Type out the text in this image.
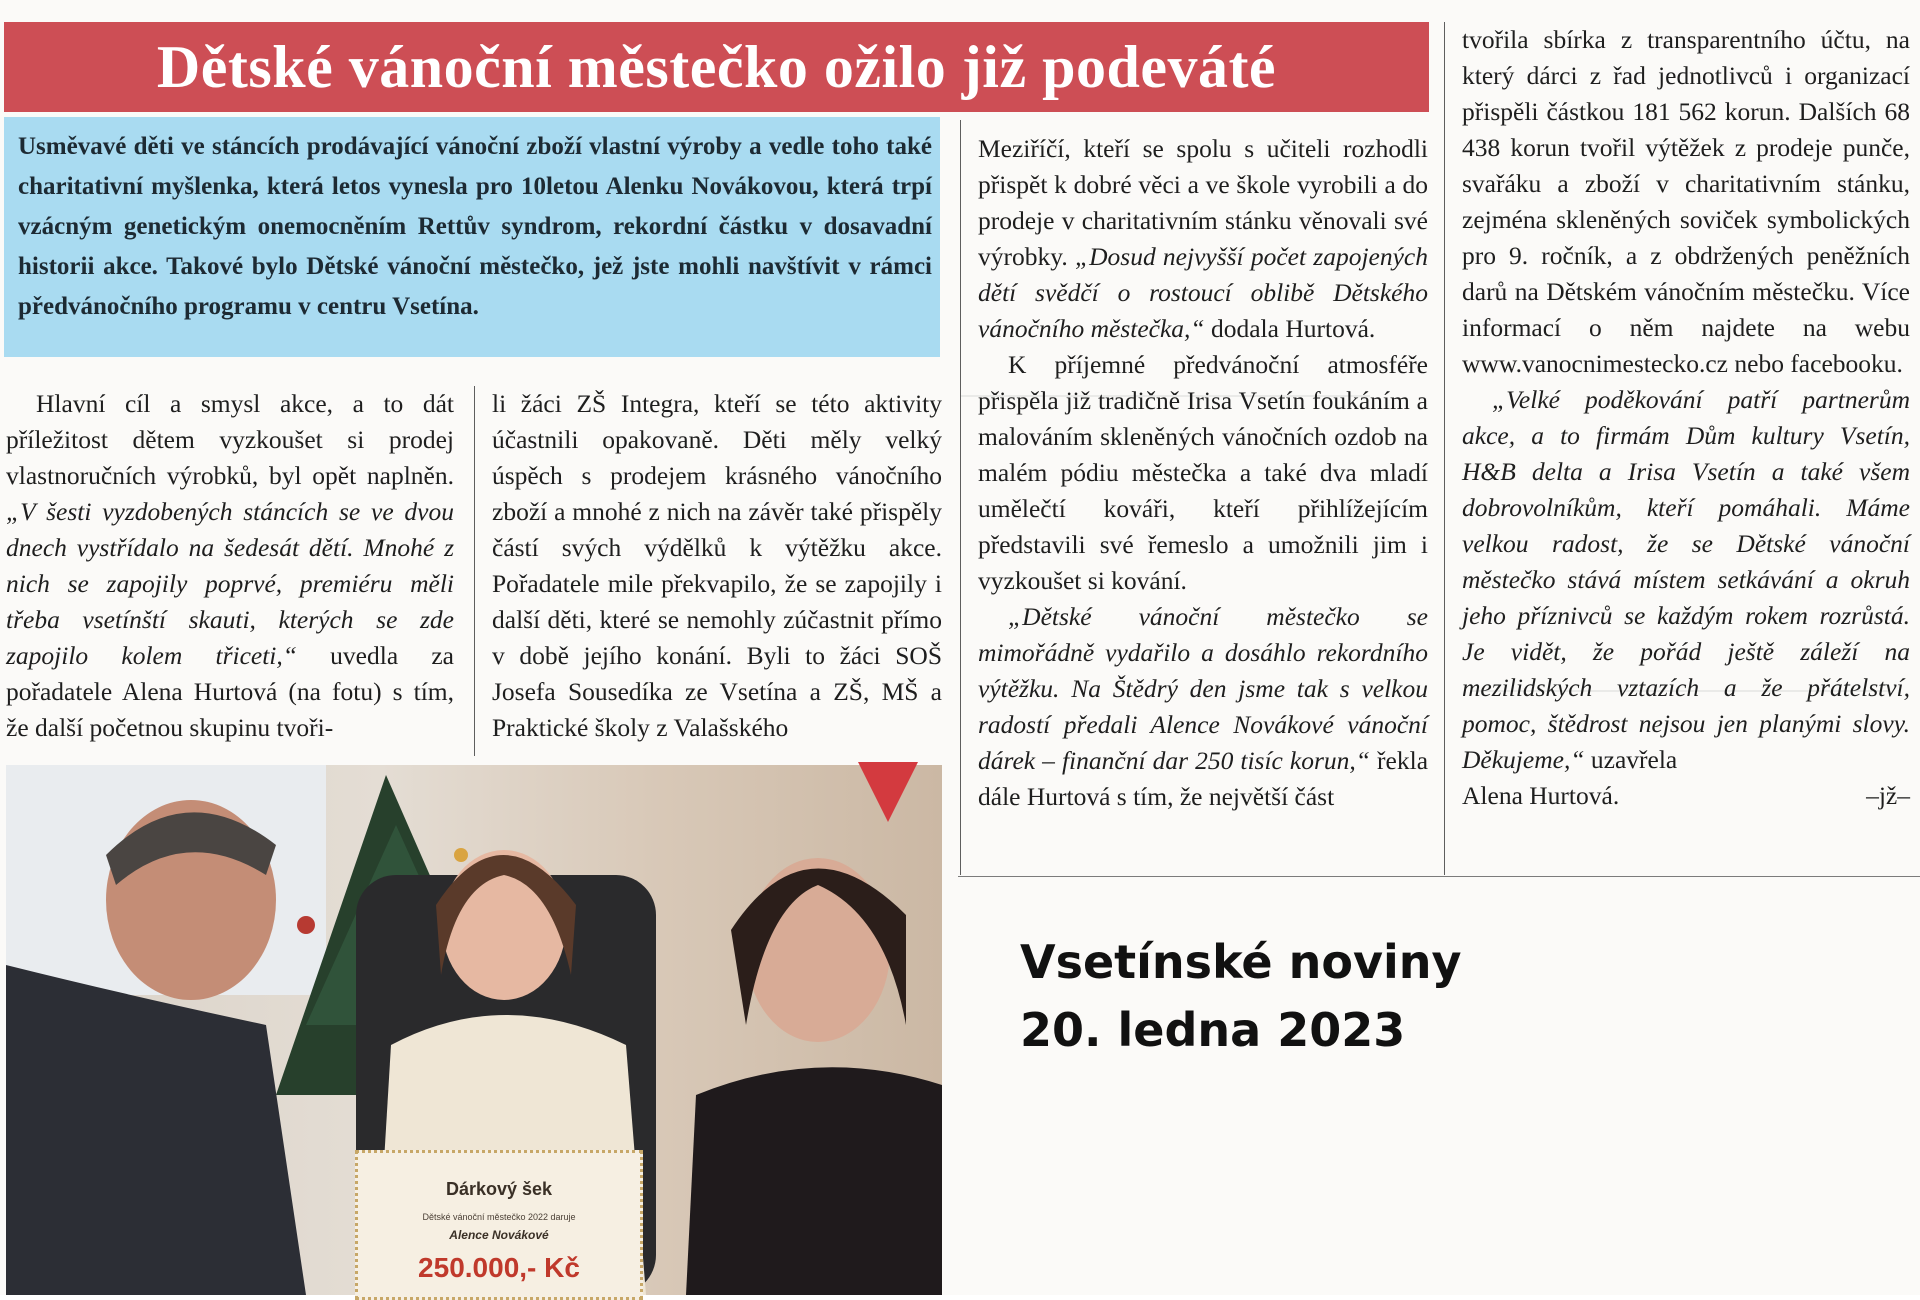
Dětské vánoční městečko ožilo již podeváté

Usměvavé děti ve stáncích prodávající vánoční zboží vlastní výroby a vedle toho také charitativní myšlenka, která letos vynesla pro 10letou Alenku Novákovou, která trpí vzácným genetickým onemocněním Rettův syndrom, rekordní částku v dosavadní historii akce. Takové bylo Dětské vánoční městečko, jež jste mohli navštívit v rámci předvánočního programu v centru Vsetína.

Hlavní cíl a smysl akce, a to dát příležitost dětem vyzkoušet si prodej vlastnoručních výrobků, byl opět naplněn. „V šesti vyzdobených stáncích se ve dvou dnech vystřídalo na šedesát dětí. Mnohé z nich se zapojily poprvé, premiéru měli třeba vsetínští skauti, kterých se zde zapojilo kolem třiceti,“ uvedla za pořadatele Alena Hurtová (na fotu) s tím, že další početnou skupinu tvoři-

li žáci ZŠ Integra, kteří se této aktivity účastnili opakovaně. Děti měly velký úspěch s prodejem krásného vánočního zboží a mnohé z nich na závěr také přispěly částí svých výdělků k výtěžku akce. Pořadatele mile překvapilo, že se zapojily i další děti, které se nemohly zúčastnit přímo v době jejího konání. Byli to žáci SOŠ Josefa Sousedíka ze Vsetína a ZŠ, MŠ a Praktické školy z Valašského

Meziříčí, kteří se spolu s učiteli rozhodli přispět k dobré věci a ve škole vyrobili a do prodeje v charitativním stánku věnovali své výrobky. „Dosud nejvyšší počet zapojených dětí svědčí o rostoucí oblibě Dětského vánočního městečka,“ dodala Hurtová.

K příjemné předvánoční atmosféře přispěla již tradičně Irisa Vsetín foukáním a malováním skleněných vánočních ozdob na malém pódiu městečka a také dva mladí umělečtí kováři, kteří přihlížejícím představili své řemeslo a umožnili jim i vyzkoušet si kování.

„Dětské vánoční městečko se mimořádně vydařilo a dosáhlo rekordního výtěžku. Na Štědrý den jsme tak s velkou radostí předali Alence Novákové vánoční dárek – finanční dar 250 tisíc korun,“ řekla dále Hurtová s tím, že největší část

tvořila sbírka z transparentního účtu, na který dárci z řad jednotlivců i organizací přispěli částkou 181 562 korun. Dalších 68 438 korun tvořil výtěžek z prodeje punče, svařáku a zboží v charitativním stánku, zejména skleněných soviček symbolických pro 9. ročník, a z obdržených peněžních darů na Dětském vánočním městečku. Více informací o něm najdete na webu www.vanocnimestecko.cz nebo facebooku.

„Velké poděkování patří partnerům akce, a to firmám Dům kultury Vsetín, H&B delta a Irisa Vsetín a také všem dobrovolníkům, kteří pomáhali. Máme velkou radost, že se Dětské vánoční městečko stává místem setkávání a okruh jeho příznivců se každým rokem rozrůstá. Je vidět, že pořád ještě záleží na mezilidských vztazích a že přátelství, pomoc, štědrost nejsou jen planými slovy. Děkujeme,“ uzavřela

Alena Hurtová.	–jž–
Dárkový šek
Dětské vánoční městečko 2022 daruje
Alence Novákové
250.000,- Kč
Vsetínské noviny
20. ledna 2023
